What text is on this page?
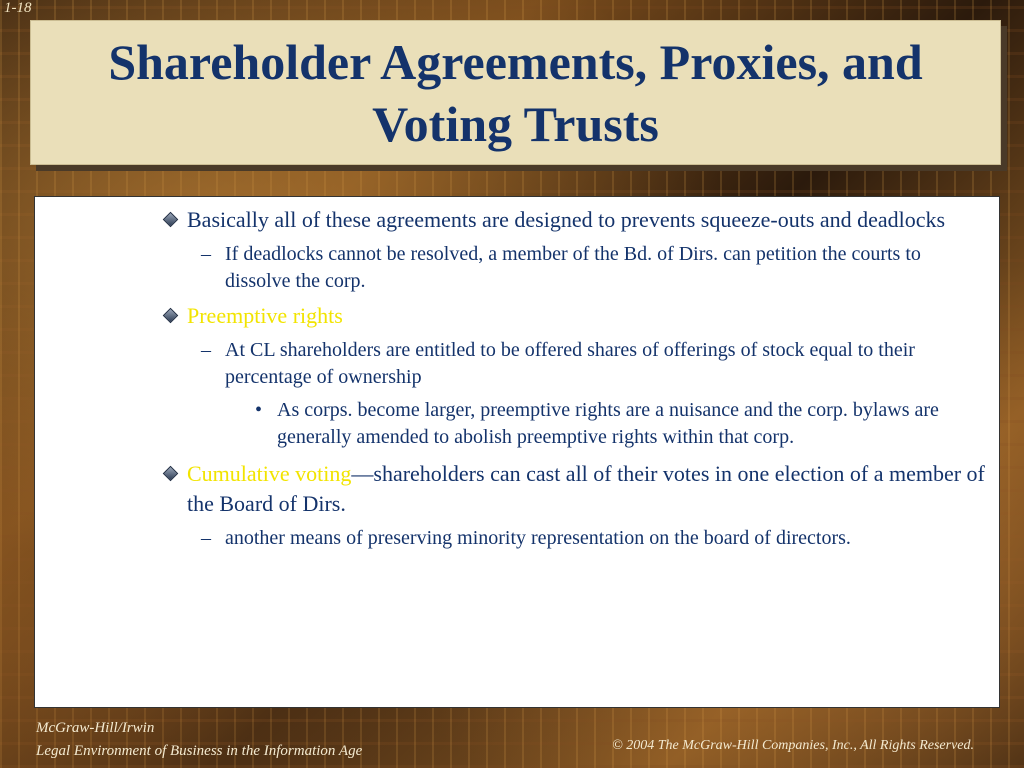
1-18
Shareholder Agreements, Proxies, and Voting Trusts
Basically all of these agreements are designed to prevents squeeze-outs and deadlocks
– If deadlocks cannot be resolved, a member of the Bd. of Dirs. can petition the courts to dissolve the corp.
Preemptive rights
– At CL shareholders are entitled to be offered shares of offerings of stock equal to their percentage of ownership
• As corps. become larger, preemptive rights are a nuisance and the corp. bylaws are generally amended to abolish preemptive rights within that corp.
Cumulative voting—shareholders can cast all of their votes in one election of a member of the Board of Dirs.
– another means of preserving minority representation on the board of directors.
McGraw-Hill/Irwin
Legal Environment of Business in the Information Age	© 2004 The McGraw-Hill Companies, Inc., All Rights Reserved.
